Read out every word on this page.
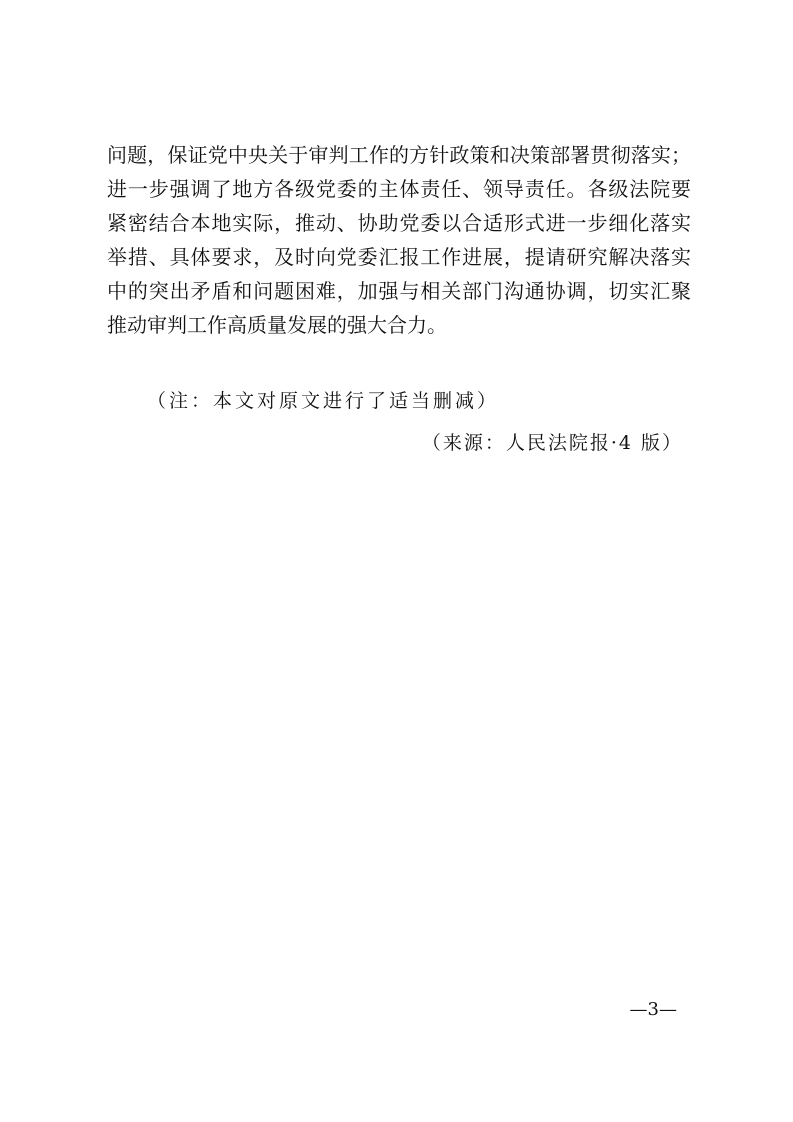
问题，保证党中央关于审判工作的方针政策和决策部署贯彻落实；
进一步强调了地方各级党委的主体责任、领导责任。各级法院要
紧密结合本地实际，推动、协助党委以合适形式进一步细化落实
举措、具体要求，及时向党委汇报工作进展，提请研究解决落实
中的突出矛盾和问题困难，加强与相关部门沟通协调，切实汇聚
推动审判工作高质量发展的强大合力。
（注：本文对原文进行了适当删减）
（来源：人民法院报·4 版）
—3—
